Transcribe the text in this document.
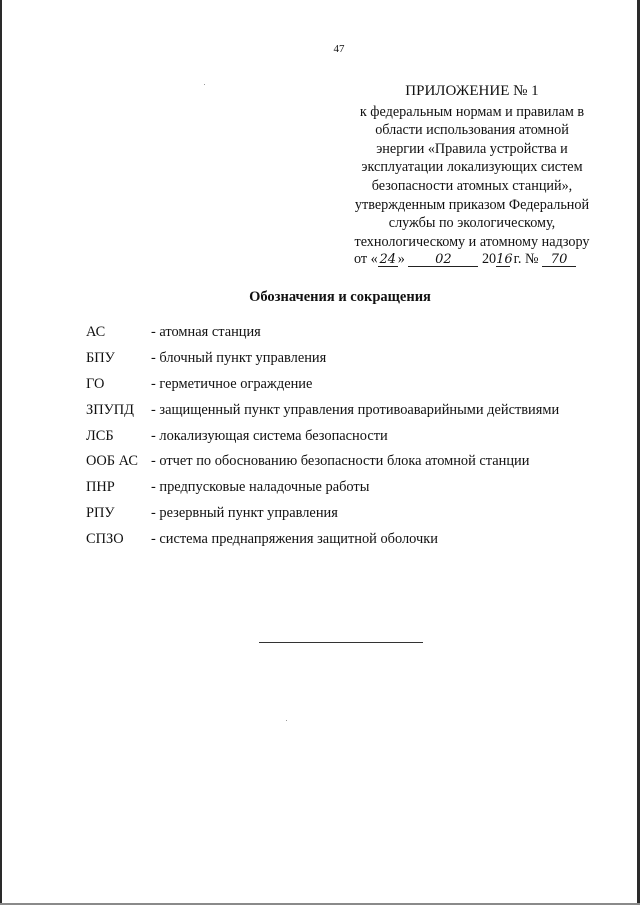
47
ПРИЛОЖЕНИЕ № 1
к федеральным нормам и правилам в
области использования атомной
энергии «Правила устройства и
эксплуатации локализующих систем
безопасности атомных станций»,
утвержденным приказом Федеральной
службы по экологическому,
технологическому и атомному надзору
от « 24 » 02 2016 г. № 70
Обозначения и сокращения
АС	- атомная станция
БПУ	- блочный пункт управления
ГО	- герметичное ограждение
ЗПУПД	- защищенный пункт управления противоаварийными действиями
ЛСБ	- локализующая система безопасности
ООБ АС - отчет по обоснованию безопасности блока атомной станции
ПНР	- предпусковые наладочные работы
РПУ	- резервный пункт управления
СПЗО	- система преднапряжения защитной оболочки
